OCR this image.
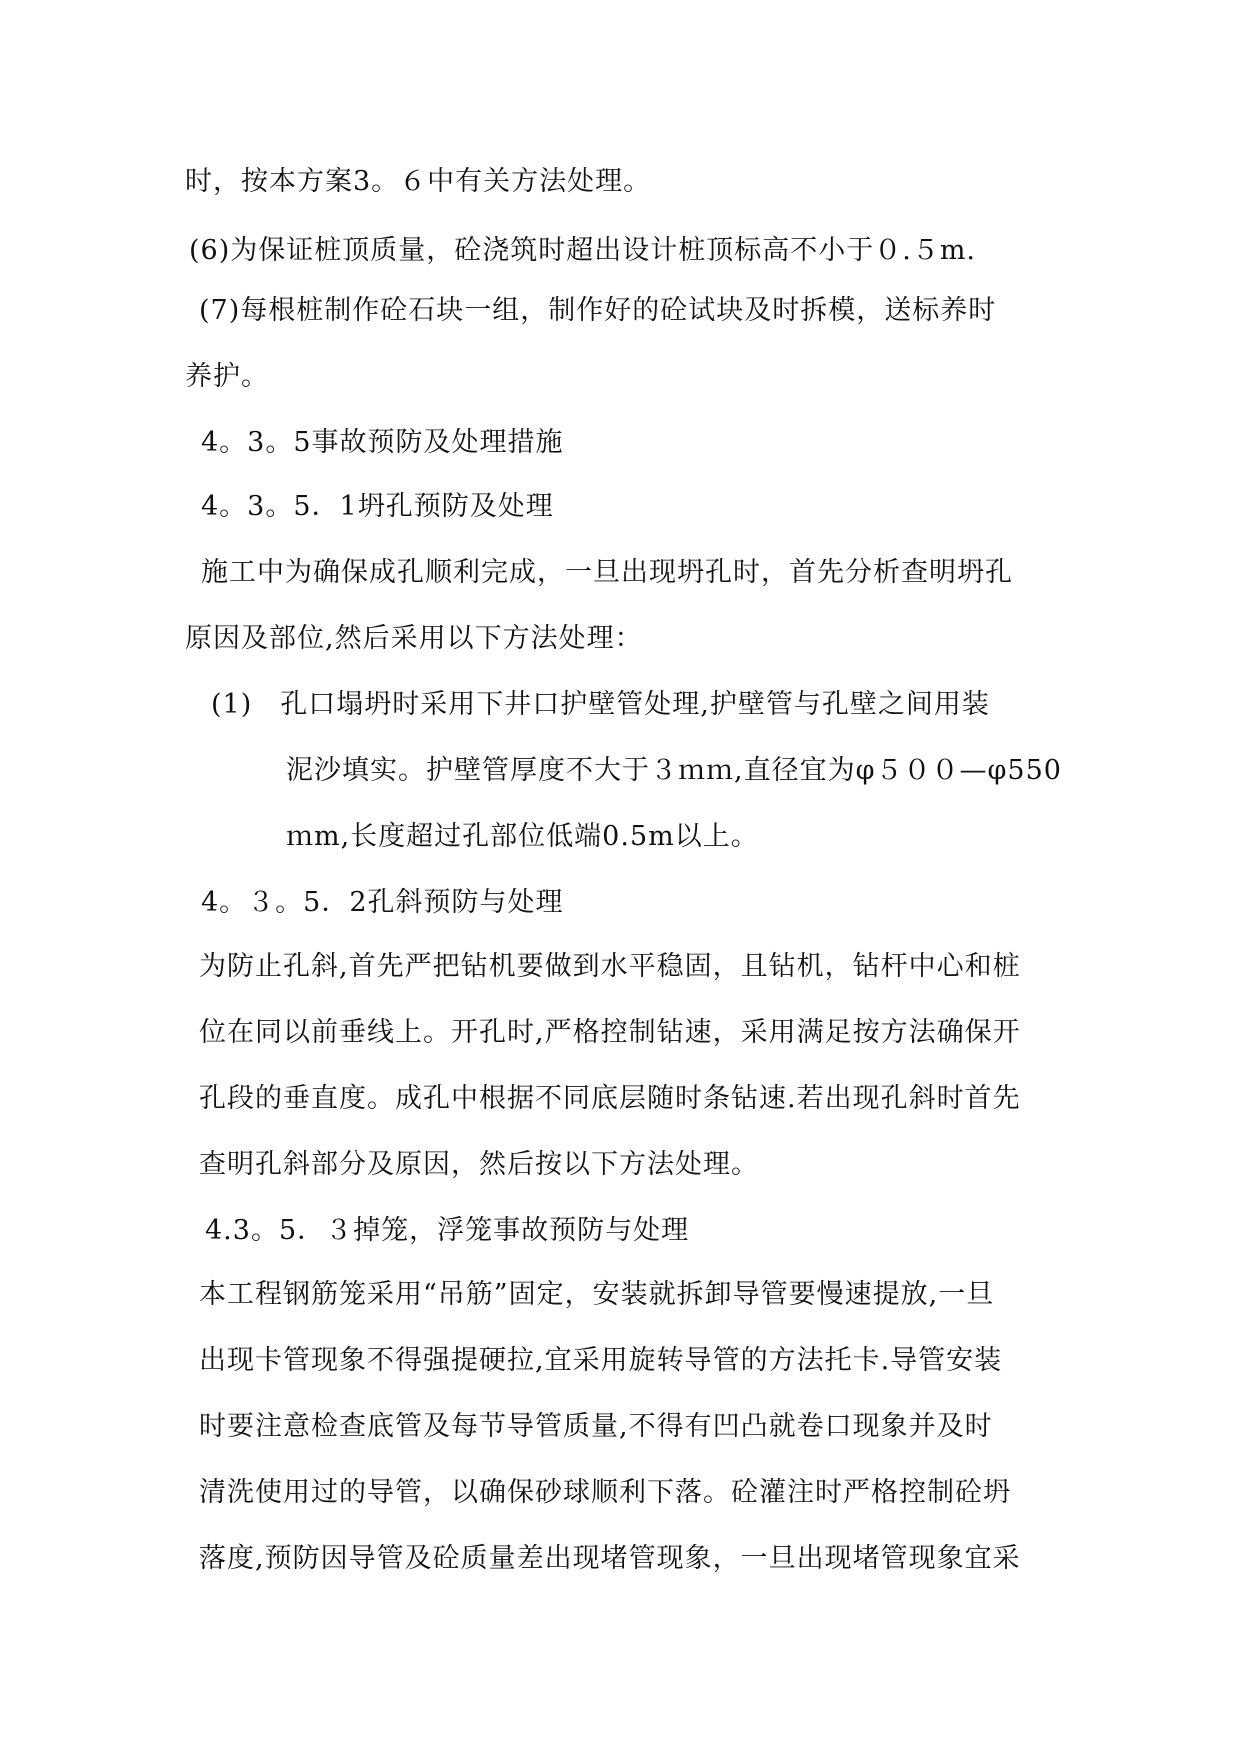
时，按本方案3。６中有关方法处理。
(6)为保证桩顶质量，砼浇筑时超出设计桩顶标高不小于０.５m.
(7)每根桩制作砼石块一组，制作好的砼试块及时拆模，送标养时
养护。
4。3。5事故预防及处理措施
4。3。5．1坍孔预防及处理
施工中为确保成孔顺利完成，一旦出现坍孔时，首先分析查明坍孔
原因及部位,然后采用以下方法处理：
(1)　孔口塌坍时采用下井口护壁管处理,护壁管与孔壁之间用装
泥沙填实。护壁管厚度不大于３ｍｍ,直径宜为φ５００—φ550
ｍm,长度超过孔部位低端0.5m以上。
4。３。5．2孔斜预防与处理
为防止孔斜,首先严把钻机要做到水平稳固，且钻机，钻杆中心和桩
位在同以前垂线上。开孔时,严格控制钻速，采用满足按方法确保开
孔段的垂直度。成孔中根据不同底层随时条钻速.若出现孔斜时首先
查明孔斜部分及原因，然后按以下方法处理。
4.3。5．３掉笼，浮笼事故预防与处理
本工程钢筋笼采用“吊筋”固定，安装就拆卸导管要慢速提放,一旦
出现卡管现象不得强提硬拉,宜采用旋转导管的方法托卡.导管安装
时要注意检查底管及每节导管质量,不得有凹凸就卷口现象并及时
清洗使用过的导管，以确保砂球顺利下落。砼灌注时严格控制砼坍
落度,预防因导管及砼质量差出现堵管现象，一旦出现堵管现象宜采
